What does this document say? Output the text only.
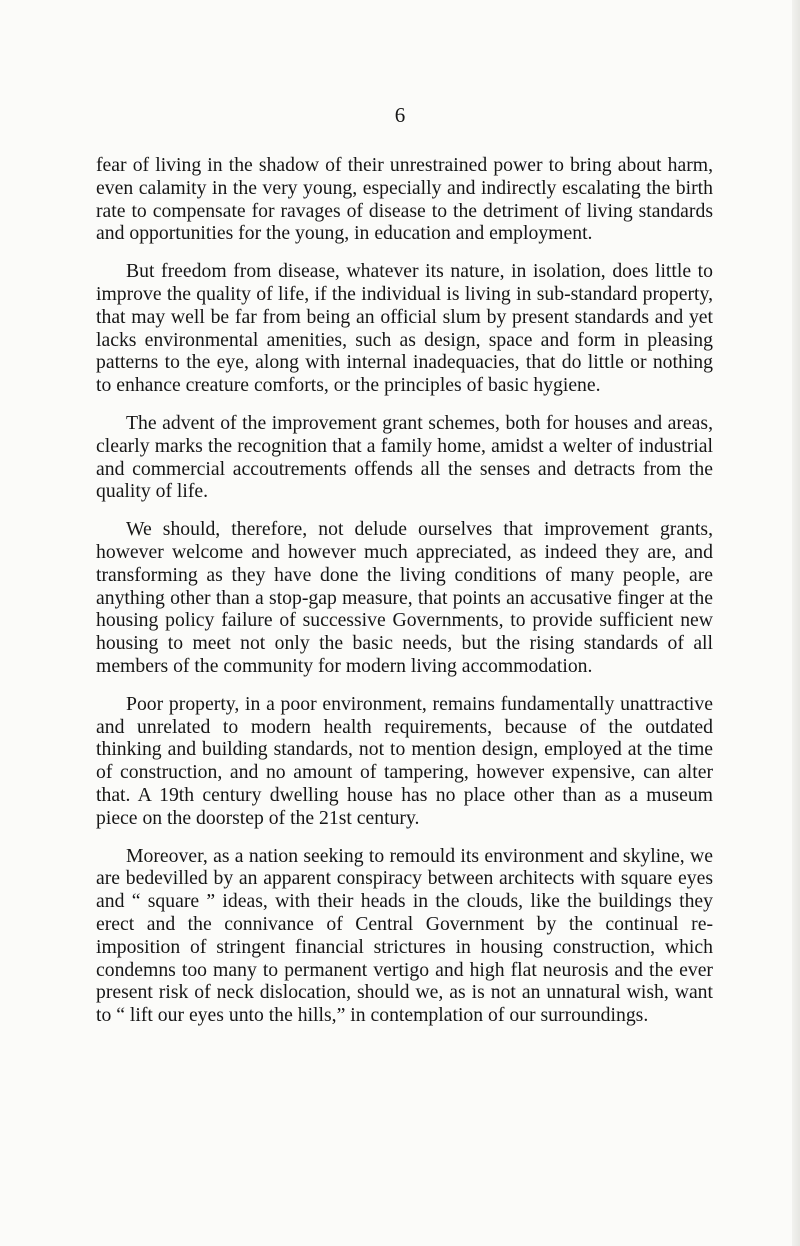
6

fear of living in the shadow of their unrestrained power to bring about harm, even calamity in the very young, especially and indirectly escalating the birth rate to compensate for ravages of disease to the detriment of living standards and opportunities for the young, in education and employment.

But freedom from disease, whatever its nature, in isolation, does little to improve the quality of life, if the individual is living in sub-standard property, that may well be far from being an official slum by present standards and yet lacks environmental amenities, such as design, space and form in pleasing patterns to the eye, along with internal inadequacies, that do little or nothing to enhance creature comforts, or the principles of basic hygiene.

The advent of the improvement grant schemes, both for houses and areas, clearly marks the recognition that a family home, amidst a welter of industrial and commercial accoutrements offends all the senses and detracts from the quality of life.

We should, therefore, not delude ourselves that improvement grants, however welcome and however much appreciated, as indeed they are, and transforming as they have done the living conditions of many people, are anything other than a stop-gap measure, that points an accusative finger at the housing policy failure of successive Governments, to provide sufficient new housing to meet not only the basic needs, but the rising standards of all members of the community for modern living accommodation.

Poor property, in a poor environment, remains fundamentally unattractive and unrelated to modern health requirements, because of the outdated thinking and building standards, not to mention design, employed at the time of construction, and no amount of tampering, however expensive, can alter that. A 19th century dwelling house has no place other than as a museum piece on the doorstep of the 21st century.

Moreover, as a nation seeking to remould its environment and skyline, we are bedevilled by an apparent conspiracy between architects with square eyes and “ square ” ideas, with their heads in the clouds, like the buildings they erect and the connivance of Central Government by the continual re-imposition of stringent financial strictures in housing construction, which condemns too many to permanent vertigo and high flat neurosis and the ever present risk of neck dislocation, should we, as is not an unnatural wish, want to “ lift our eyes unto the hills,” in contemplation of our surroundings.
